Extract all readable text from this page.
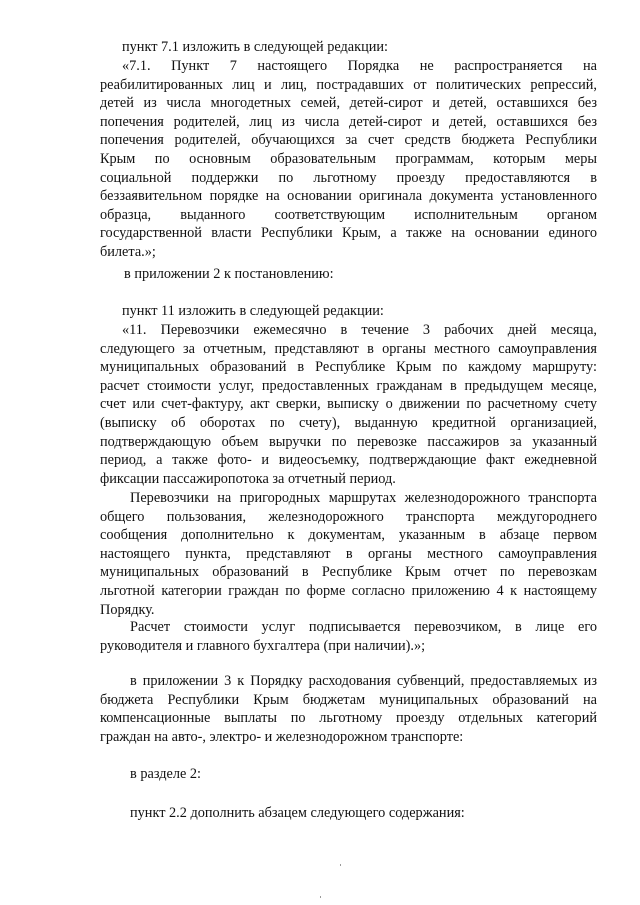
пункт 7.1 изложить в следующей редакции:
«7.1. Пункт 7 настоящего Порядка не распространяется на
реабилитированных лиц и лиц, пострадавших от политических репрессий,
детей из числа многодетных семей, детей-сирот и детей, оставшихся без
попечения родителей, лиц из числа детей-сирот и детей, оставшихся без
попечения родителей, обучающихся за счет средств бюджета Республики
Крым по основным образовательным программам, которым меры
социальной поддержки по льготному проезду предоставляются в
беззаявительном порядке на основании оригинала документа установленного
образца, выданного соответствующим исполнительным органом
государственной власти Республики Крым, а также на основании единого
билета.»;
в приложении 2 к постановлению:
пункт 11 изложить в следующей редакции:
«11. Перевозчики ежемесячно в течение 3 рабочих дней месяца,
следующего за отчетным, представляют в органы местного самоуправления
муниципальных образований в Республике Крым по каждому маршруту:
расчет стоимости услуг, предоставленных гражданам в предыдущем месяце,
счет или счет-фактуру, акт сверки, выписку о движении по расчетному счету
(выписку об оборотах по счету), выданную кредитной организацией,
подтверждающую объем выручки по перевозке пассажиров за указанный
период, а также фото- и видеосъемку, подтверждающие факт ежедневной
фиксации пассажиропотока за отчетный период.
Перевозчики на пригородных маршрутах железнодорожного транспорта
общего пользования, железнодорожного транспорта междугороднего
сообщения дополнительно к документам, указанным в абзаце первом
настоящего пункта, представляют в органы местного самоуправления
муниципальных образований в Республике Крым отчет по перевозкам
льготной категории граждан по форме согласно приложению 4 к настоящему
Порядку.
Расчет стоимости услуг подписывается перевозчиком, в лице его
руководителя и главного бухгалтера (при наличии).»;
в приложении 3 к Порядку расходования субвенций, предоставляемых из
бюджета Республики Крым бюджетам муниципальных образований на
компенсационные выплаты по льготному проезду отдельных категорий
граждан на авто-, электро- и железнодорожном транспорте:
в разделе 2:
пункт 2.2 дополнить абзацем следующего содержания:
